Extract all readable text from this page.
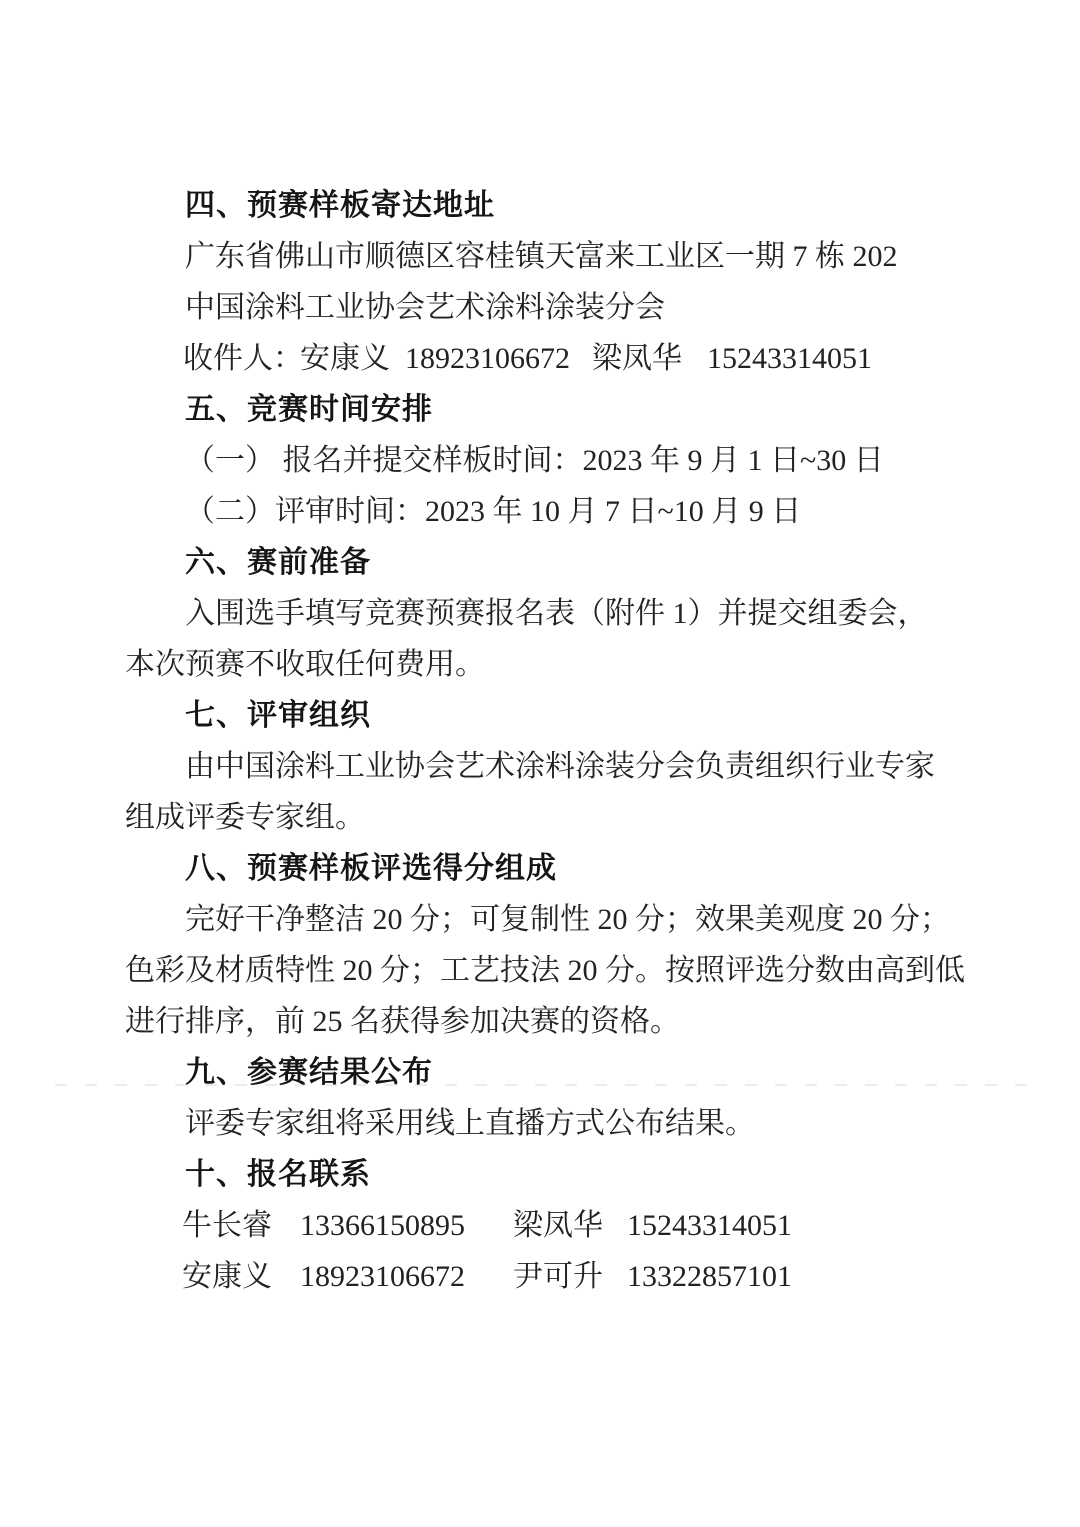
四、预赛样板寄达地址
广东省佛山市顺德区容桂镇天富来工业区一期 7 栋 202
中国涂料工业协会艺术涂料涂装分会
收件人：
安康义 18923106672 梁凤华 15243314051
五、竞赛时间安排
（一） 报名并提交样板时间：2023 年 9 月 1 日~30 日
（二）评审时间：2023 年 10 月 7 日~10 月 9 日
六、赛前准备
入围选手填写竞赛预赛报名表（附件 1）并提交组委会，
本次预赛不收取任何费用。
七、评审组织
由中国涂料工业协会艺术涂料涂装分会负责组织行业专家
组成评委专家组。
八、预赛样板评选得分组成
完好干净整洁 20 分；可复制性 20 分；效果美观度 20 分；
色彩及材质特性 20 分；工艺技法 20 分。按照评选分数由高到低
进行排序，前 25 名获得参加决赛的资格。
九、参赛结果公布
评委专家组将采用线上直播方式公布结果。
十、报名联系
牛长睿 13366150895 梁凤华 15243314051
安康义 18923106672 尹可升 13322857101
